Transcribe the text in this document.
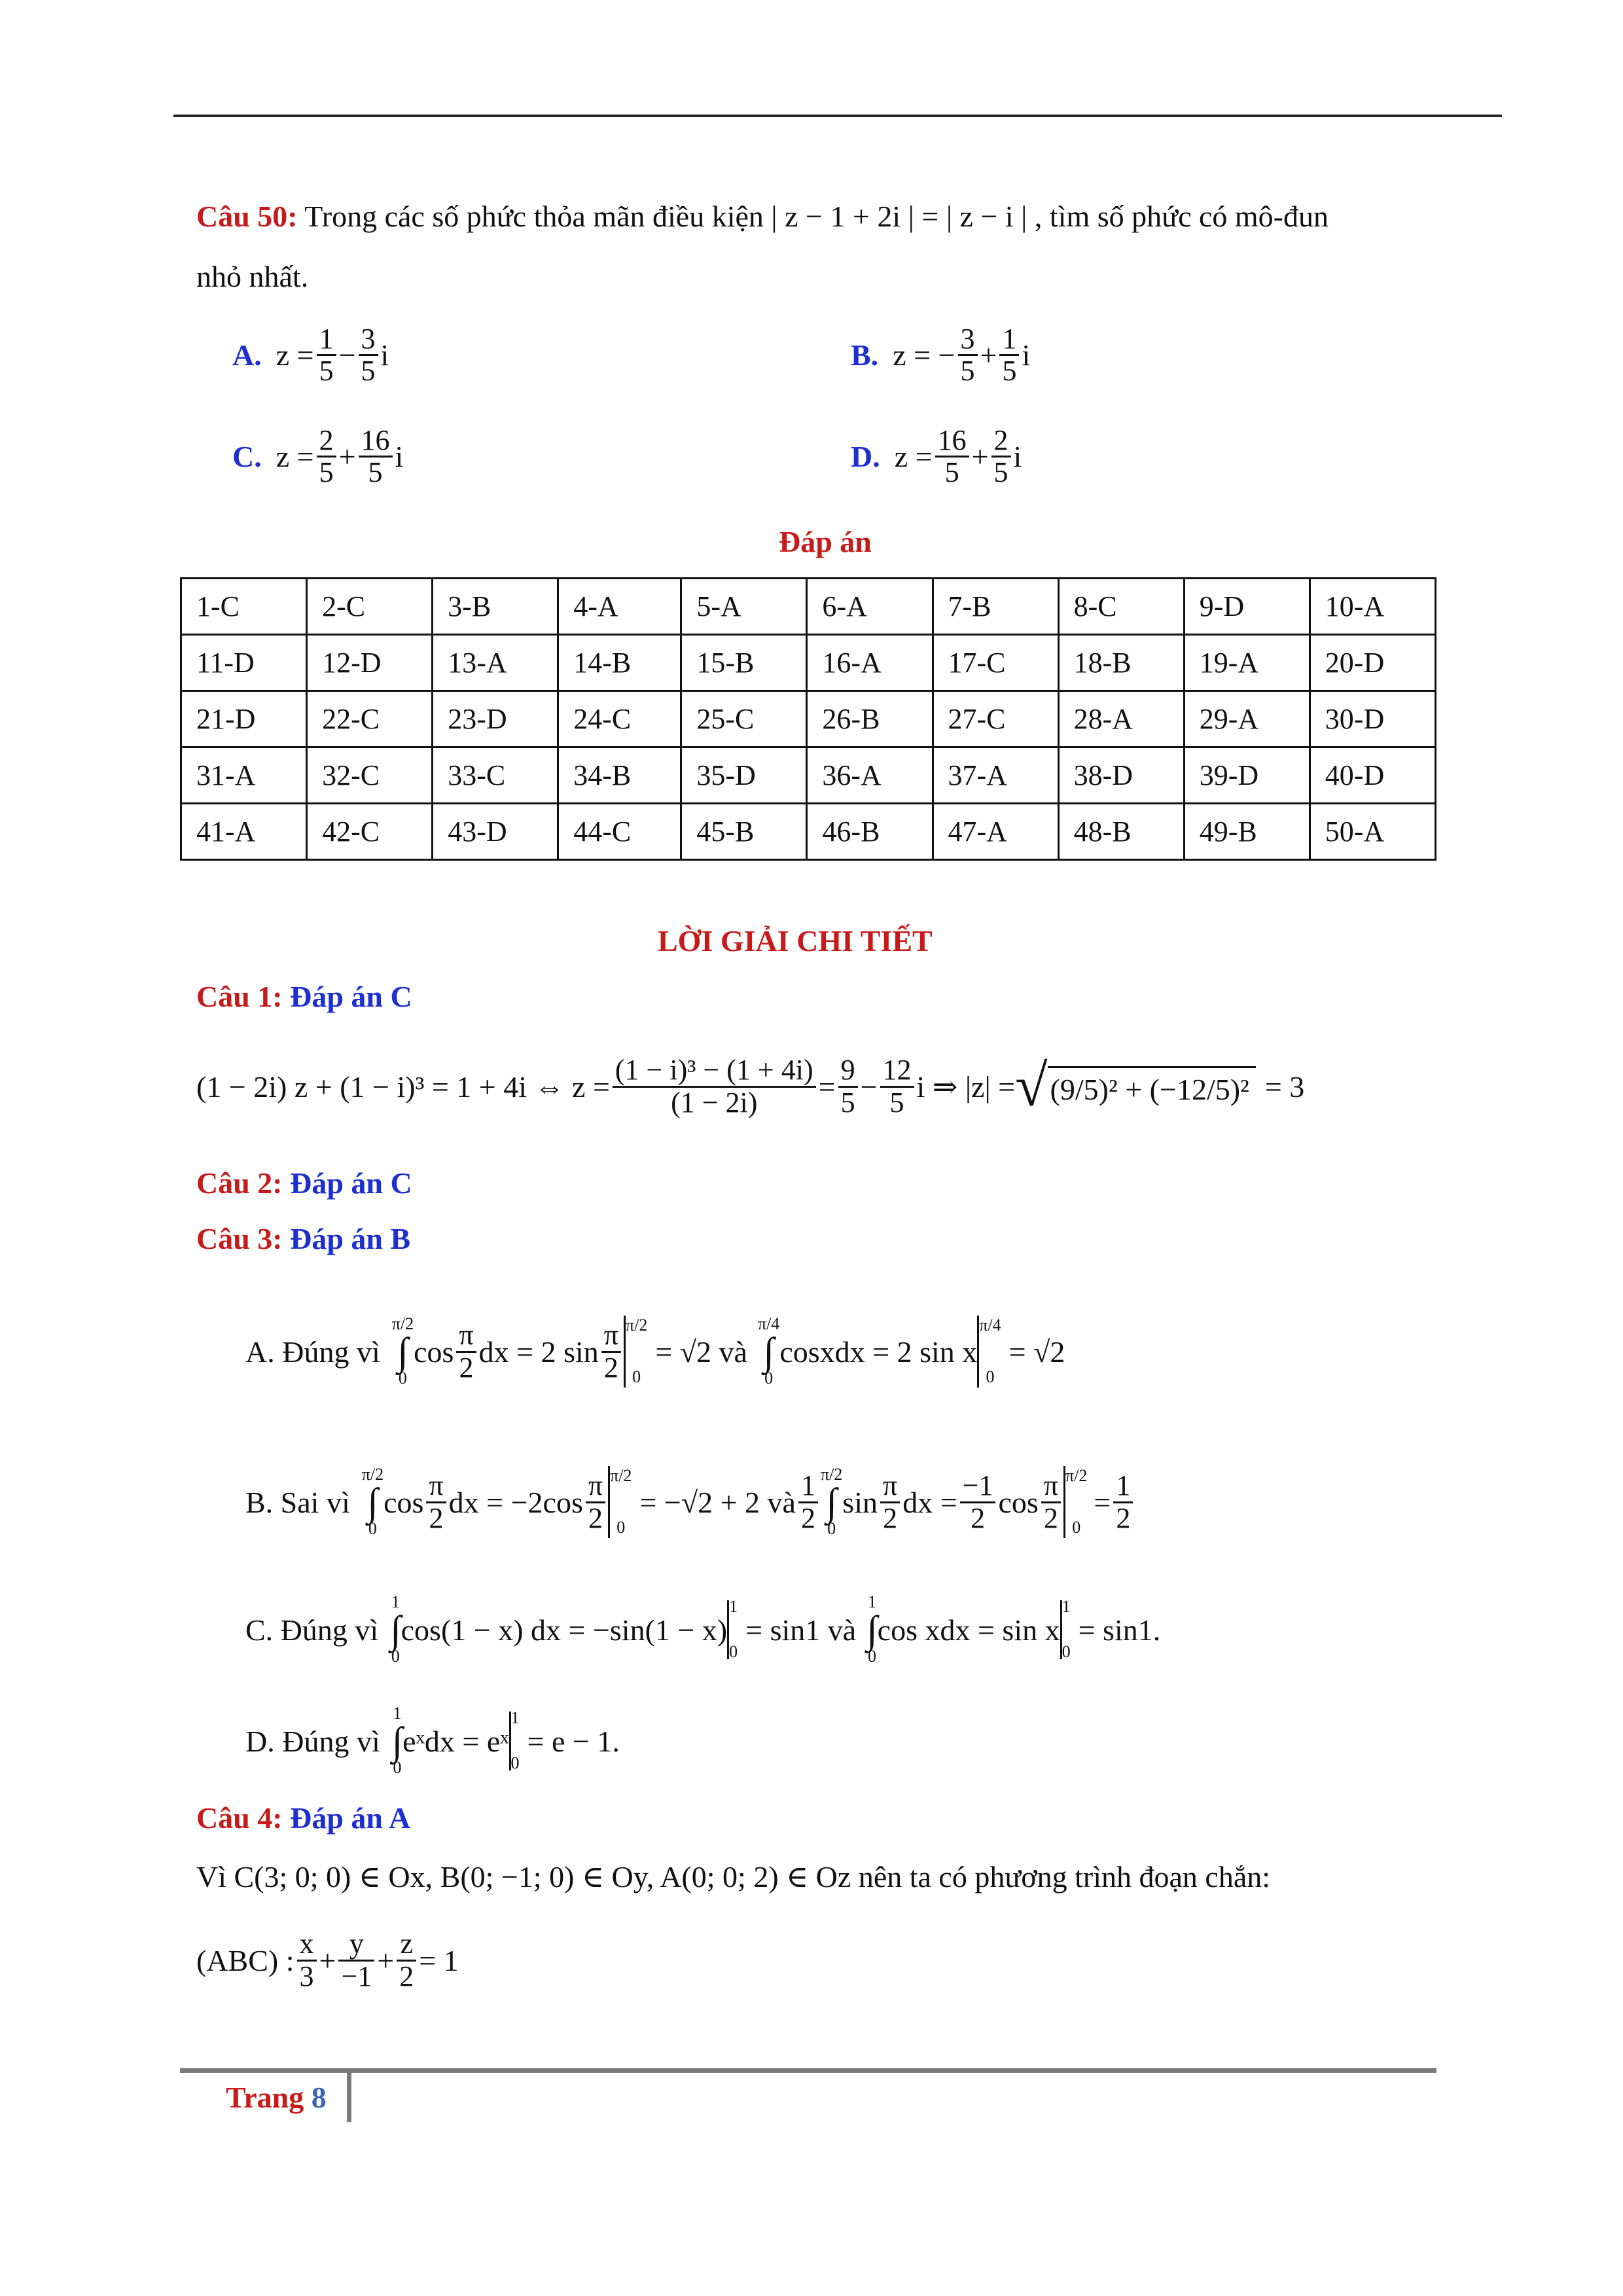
Câu 50: Trong các số phức thỏa mãn điều kiện | z − 1 + 2i | = | z − i | , tìm số phức có mô-đun
nhỏ nhất.
A. $z = \frac{1}{5} - \frac{3}{5}$ i	B. z = − $\frac{3}{5} + \frac{1}{5}$ i
C. $z = \frac{2}{5} + \frac{16}{5}$ i	D. $z = \frac{16}{5} + \frac{2}{5}$ i
Đáp án
1-C	2-C	3-B	4-A	5-A	6-A	7-B	8-C	9-D	10-A
11-D	12-D	13-A	14-B	15-B	16-A	17-C	18-B	19-A	20-D
21-D	22-C	23-D	24-C	25-C	26-B	27-C	28-A	29-A	30-D
31-A	32-C	33-C	34-B	35-D	36-A	37-A	38-D	39-D	40-D
41-A	42-C	43-D	44-C	45-B	46-B	47-A	48-B	49-B	50-A
LỜI GIẢI CHI TIẾT
Câu 1: Đáp án C
(1 − 2i) z + (1 − i)³ = 1 + 4i ⇔ $z = \frac{\text{(1 − i)³ − (1 + 4i)}}{(1 - 2i)} = \frac{9}{5} - \frac{12}{5}$ i ⇒ |z| = √ (9/5)² + (−12/5)² = 3
Câu 2: Đáp án C
Câu 3: Đáp án B
A. Đúng vì
π/2
∫
0
$\cos \frac{\pi}{2}$ dx = 2 $\sin \frac{\pi}{2} \pi/2$
0
= √2 và
π/4
∫
0
cosxdx = 2 sin x
π/4
0
= √2
B. Sai vì
π/2
∫
0
$\cos \frac{\pi}{2}$ dx = $-2\cos \frac{\pi}{2} \pi/2$
0
= −√2 + 2 và $\frac{1}{2} \pi/2$
∫
0
$\sin \frac{\pi}{2}$ dx = $\frac{-1}{2}$ $\cos \frac{\pi}{2} \pi/2$
0
= $\frac{1}{2}$
C. Đúng vì
1
∫
0
cos(1 − x) dx = −sin(1 − x)
1
0
= sin1 và
1
∫
0
cos xdx = sin x
1
0
= sin1.
D. Đúng vì
1
∫
0
eˣdx = eˣ
1
0
= e − 1.
Câu 4: Đáp án A
Vì C(3; 0; 0) ∈ Ox, B(0; −1; 0) ∈ Oy, A(0; 0; 2) ∈ Oz nên ta có phương trình đoạn chắn:
(ABC) : $\frac{x}{3} + \frac{y}{-1} + \frac{z}{2} = 1$
Trang 8
